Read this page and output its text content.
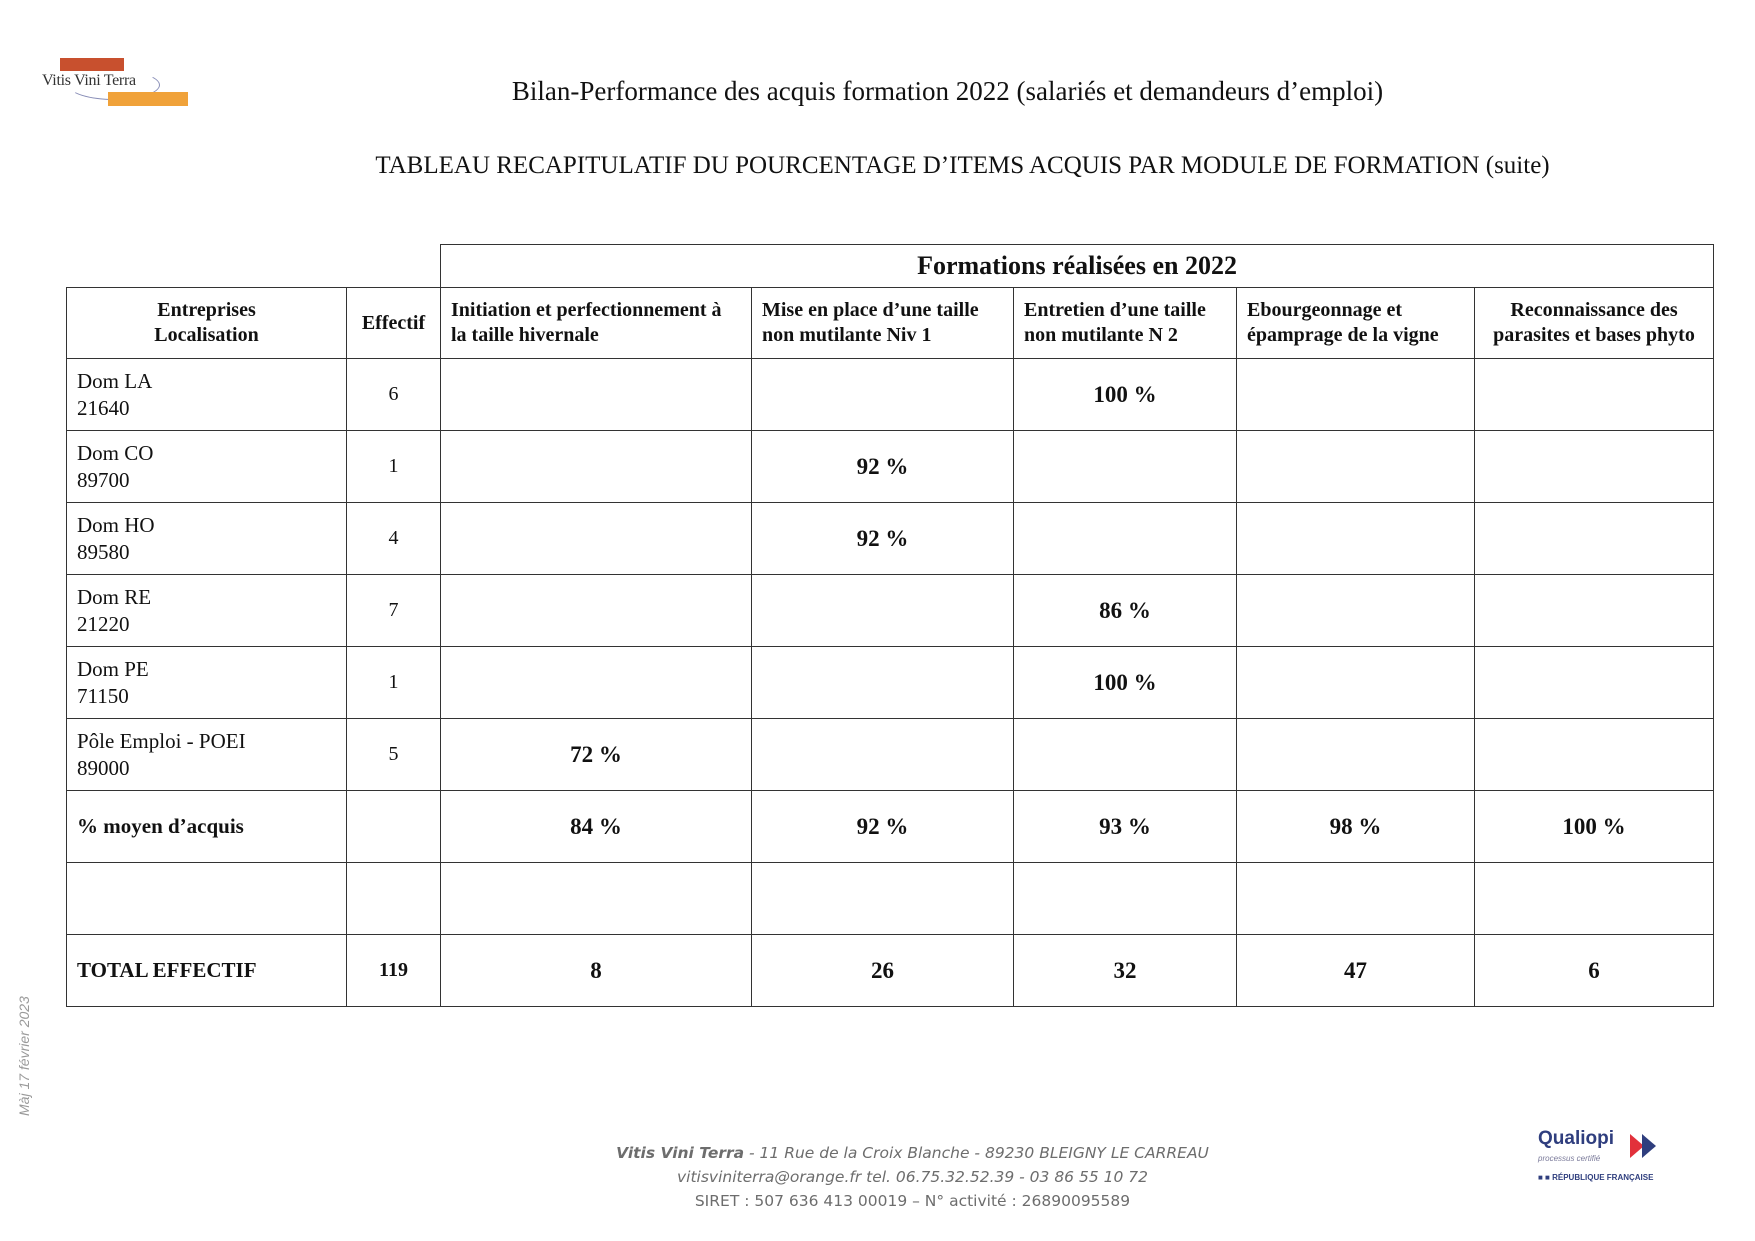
Vitis Vini Terra	Bilan-Performance des acquis formation 2022 (salariés et demandeurs d’emploi)
TABLEAU RECAPITULATIF DU POURCENTAGE D’ITEMS ACQUIS PAR MODULE DE FORMATION (suite)
Màj 17 février 2023
		Formations réalisées en 2022				

Entreprises
Localisation	Effectif	Initiation et perfectionnement à la taille hivernale	Mise en place d’une taille non mutilante Niv 1	Entretien d’une taille non mutilante N 2	Ebourgeonnage et épamprage de la vigne	Reconnaissance des parasites et bases phyto

Dom LA
21640	6			100 %		

Dom CO
89700	1		92 %			

Dom HO
89580	4		92 %			

Dom RE
21220	7			86 %		

Dom PE
71150	1			100 %		

Pôle Emploi - POEI
89000	5	72 %				
% moyen d’acquis		84 %	92 %	93 %	98 %	100 %

TOTAL EFFECTIF	119	8	26	32	47	6
Vitis Vini Terra - 11 Rue de la Croix Blanche - 89230 BLEIGNY LE CARREAU
vitisviniterra@orange.fr tel. 06.75.32.52.39 - 03 86 55 10 72
SIRET : 507 636 413 00019 – N° activité : 26890095589
Qualiopi
processus certifié
■ ■ RÉPUBLIQUE FRANÇAISE
